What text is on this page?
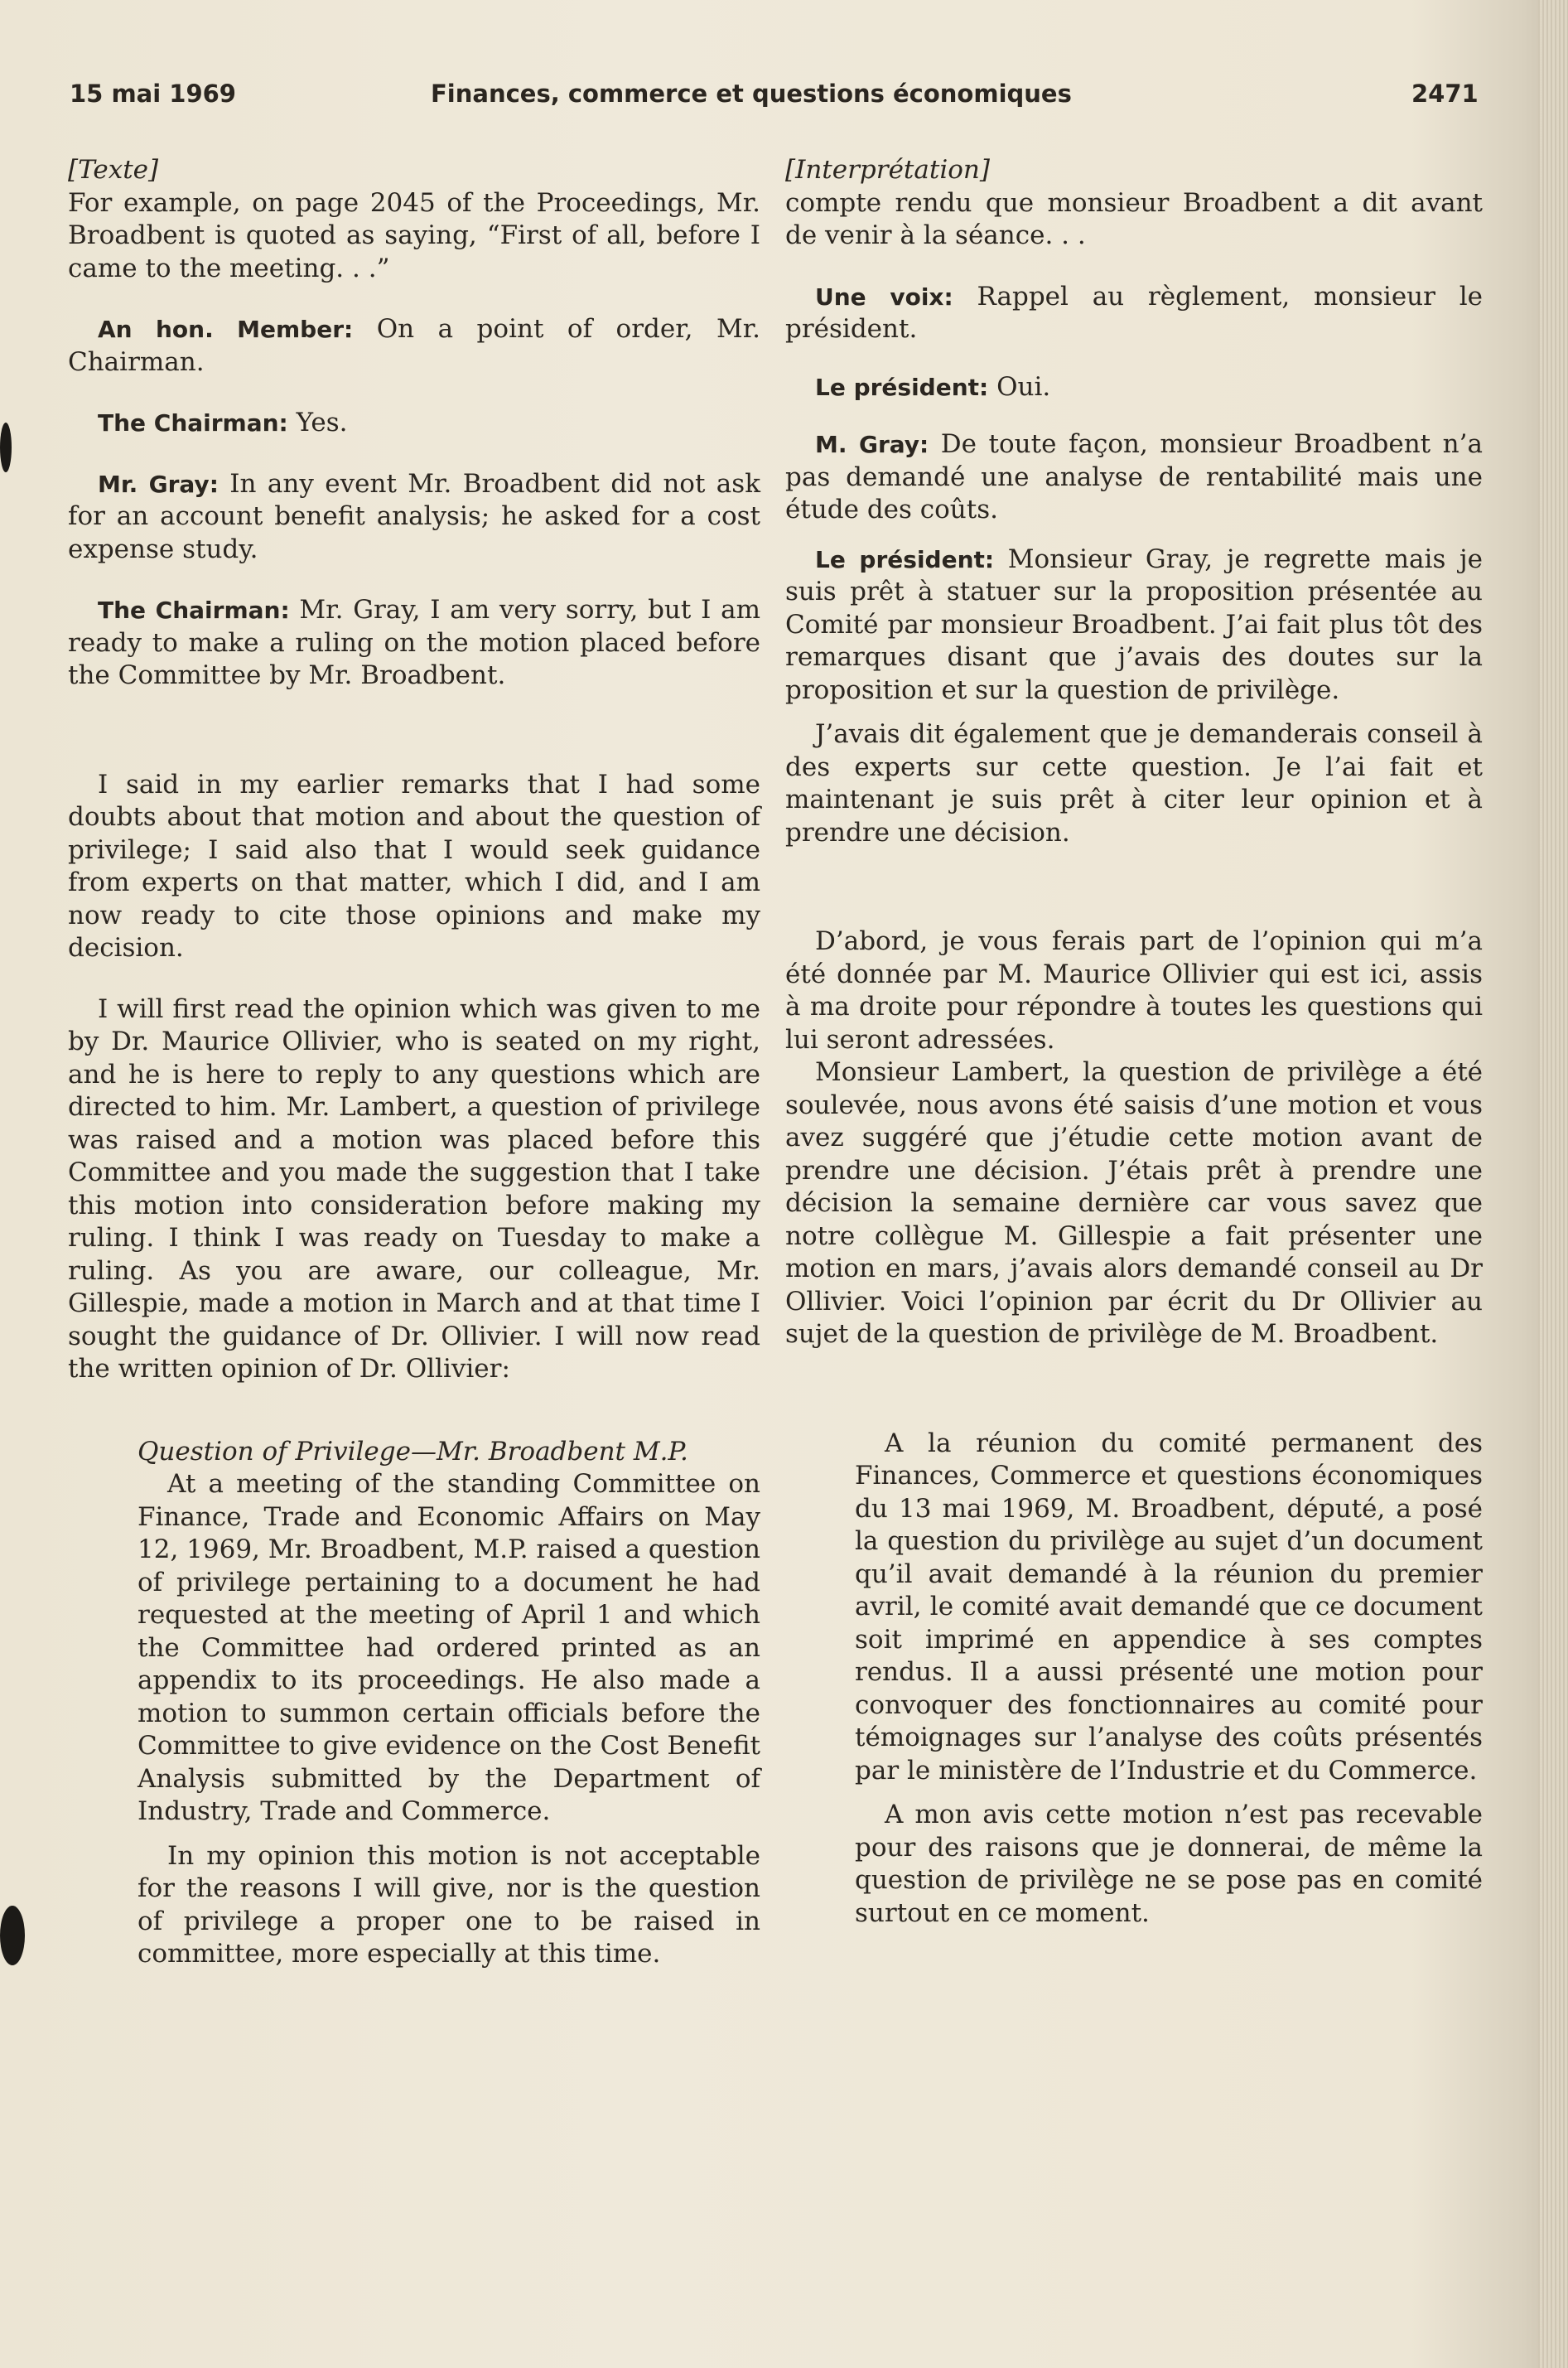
15 mai 1969	Finances, commerce et questions économiques	2471

[Texte]

For example, on page 2045 of the Proceedings, Mr. Broadbent is quoted as saying, “First of all, before I came to the meeting. . .”

An hon. Member: On a point of order, Mr. Chairman.

The Chairman: Yes.

Mr. Gray: In any event Mr. Broadbent did not ask for an account benefit analysis; he asked for a cost expense study.

The Chairman: Mr. Gray, I am very sorry, but I am ready to make a ruling on the motion placed before the Committee by Mr. Broadbent.

I said in my earlier remarks that I had some doubts about that motion and about the question of privilege; I said also that I would seek guidance from experts on that matter, which I did, and I am now ready to cite those opinions and make my decision.

I will first read the opinion which was given to me by Dr. Maurice Ollivier, who is seated on my right, and he is here to reply to any questions which are directed to him. Mr. Lambert, a question of privilege was raised and a motion was placed before this Committee and you made the suggestion that I take this motion into consideration before making my ruling. I think I was ready on Tuesday to make a ruling. As you are aware, our colleague, Mr. Gillespie, made a motion in March and at that time I sought the guidance of Dr. Ollivier. I will now read the written opinion of Dr. Ollivier:

Question of Privilege—Mr. Broadbent M.P.

At a meeting of the standing Committee on Finance, Trade and Economic Affairs on May 12, 1969, Mr. Broadbent, M.P. raised a question of privilege pertaining to a document he had requested at the meeting of April 1 and which the Committee had ordered printed as an appendix to its proceedings. He also made a motion to summon certain officials before the Committee to give evidence on the Cost Benefit Analysis submitted by the Department of Industry, Trade and Commerce.

In my opinion this motion is not acceptable for the reasons I will give, nor is the question of privilege a proper one to be raised in committee, more especially at this time.

[Interprétation]

compte rendu que monsieur Broadbent a dit avant de venir à la séance. . .

Une voix: Rappel au règlement, monsieur le président.

Le président: Oui.

M. Gray: De toute façon, monsieur Broadbent n’a pas demandé une analyse de rentabilité mais une étude des coûts.

Le président: Monsieur Gray, je regrette mais je suis prêt à statuer sur la proposition présentée au Comité par monsieur Broadbent. J’ai fait plus tôt des remarques disant que j’avais des doutes sur la proposition et sur la question de privilège.

J’avais dit également que je demanderais conseil à des experts sur cette question. Je l’ai fait et maintenant je suis prêt à citer leur opinion et à prendre une décision.

D’abord, je vous ferais part de l’opinion qui m’a été donnée par M. Maurice Ollivier qui est ici, assis à ma droite pour répondre à toutes les questions qui lui seront adressées.

Monsieur Lambert, la question de privilège a été soulevée, nous avons été saisis d’une motion et vous avez suggéré que j’étudie cette motion avant de prendre une décision. J’étais prêt à prendre une décision la semaine dernière car vous savez que notre collègue M. Gillespie a fait présenter une motion en mars, j’avais alors demandé conseil au Dr Ollivier. Voici l’opinion par écrit du Dr Ollivier au sujet de la question de privilège de M. Broadbent.

A la réunion du comité permanent des Finances, Commerce et questions économiques du 13 mai 1969, M. Broadbent, député, a posé la question du privilège au sujet d’un document qu’il avait demandé à la réunion du premier avril, le comité avait demandé que ce document soit imprimé en appendice à ses comptes rendus. Il a aussi présenté une motion pour convoquer des fonctionnaires au comité pour témoignages sur l’analyse des coûts présentés par le ministère de l’Industrie et du Commerce.

A mon avis cette motion n’est pas recevable pour des raisons que je donnerai, de même la question de privilège ne se pose pas en comité surtout en ce moment.
